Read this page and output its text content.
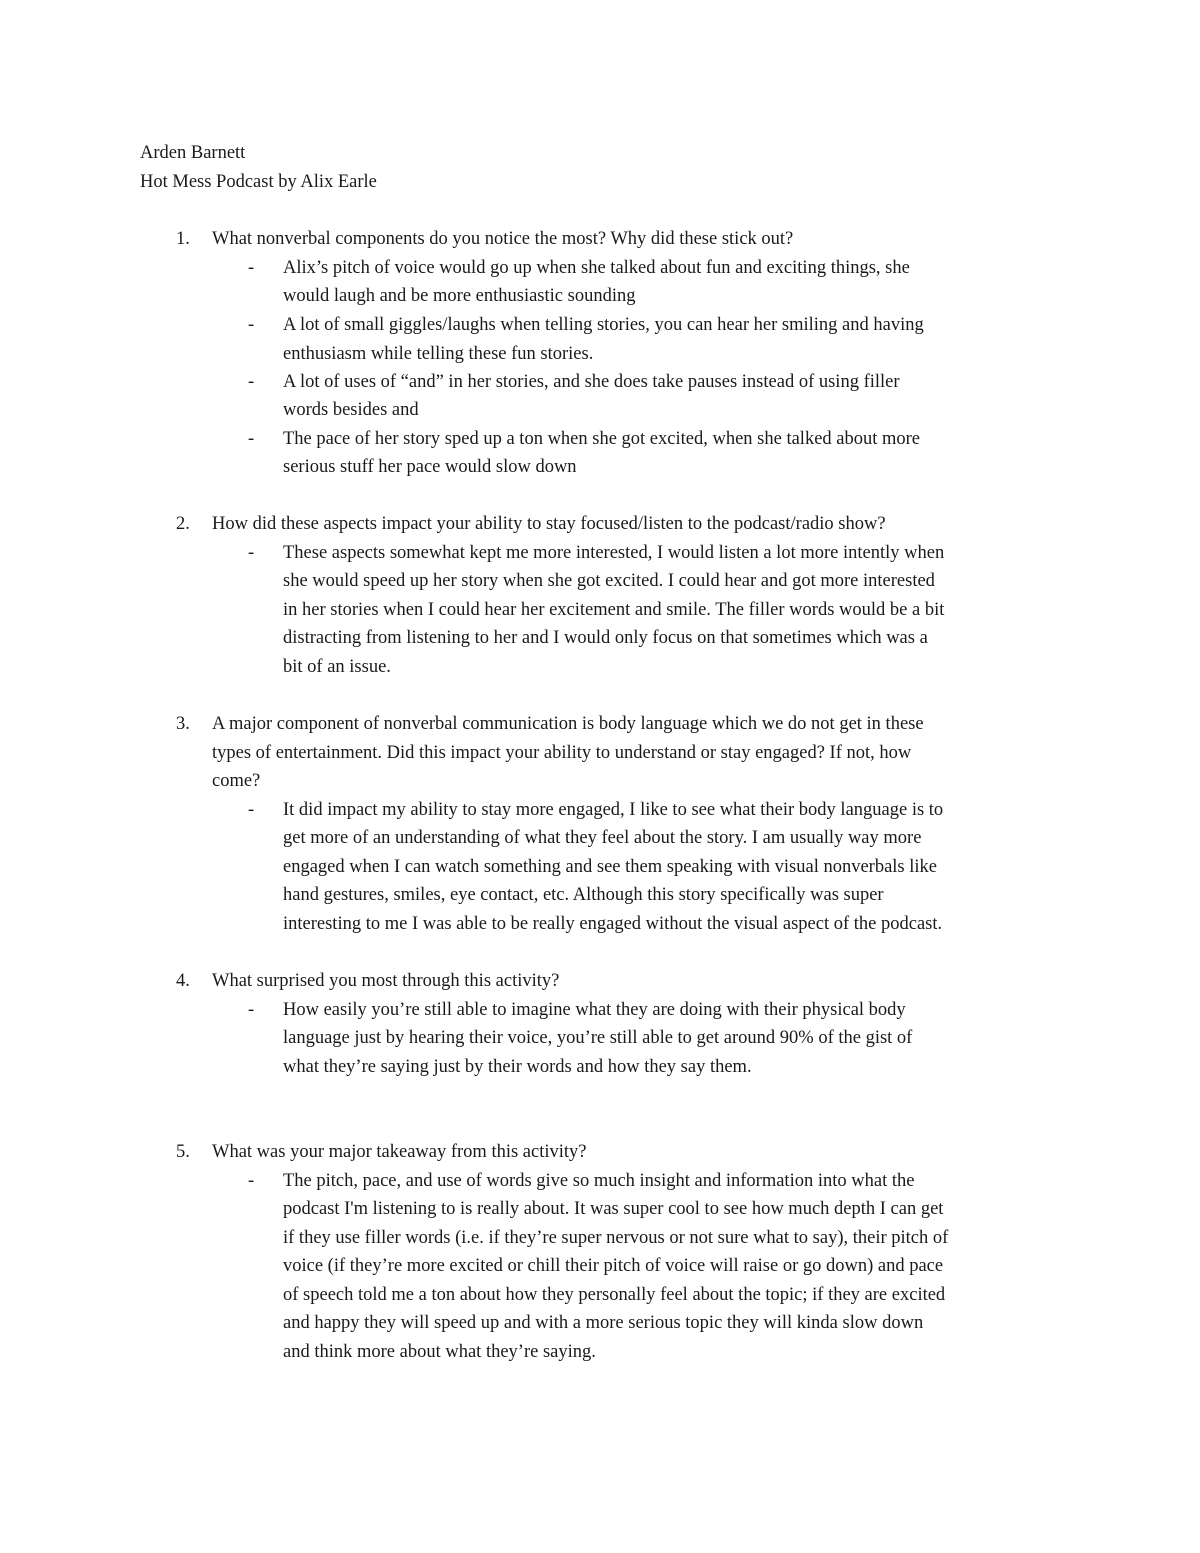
Arden Barnett
Hot Mess Podcast by Alix Earle
1. What nonverbal components do you notice the most? Why did these stick out?
- Alix’s pitch of voice would go up when she talked about fun and exciting things, she
would laugh and be more enthusiastic sounding
- A lot of small giggles/laughs when telling stories, you can hear her smiling and having
enthusiasm while telling these fun stories.
- A lot of uses of “and” in her stories, and she does take pauses instead of using filler
words besides and
- The pace of her story sped up a ton when she got excited, when she talked about more
serious stuff her pace would slow down
2. How did these aspects impact your ability to stay focused/listen to the podcast/radio show?
- These aspects somewhat kept me more interested, I would listen a lot more intently when
she would speed up her story when she got excited. I could hear and got more interested
in her stories when I could hear her excitement and smile. The filler words would be a bit
distracting from listening to her and I would only focus on that sometimes which was a
bit of an issue.
3. A major component of nonverbal communication is body language which we do not get in these
types of entertainment. Did this impact your ability to understand or stay engaged? If not, how
come?
- It did impact my ability to stay more engaged, I like to see what their body language is to
get more of an understanding of what they feel about the story. I am usually way more
engaged when I can watch something and see them speaking with visual nonverbals like
hand gestures, smiles, eye contact, etc. Although this story specifically was super
interesting to me I was able to be really engaged without the visual aspect of the podcast.
4. What surprised you most through this activity?
- How easily you’re still able to imagine what they are doing with their physical body
language just by hearing their voice, you’re still able to get around 90% of the gist of
what they’re saying just by their words and how they say them.
5. What was your major takeaway from this activity?
- The pitch, pace, and use of words give so much insight and information into what the
podcast I'm listening to is really about. It was super cool to see how much depth I can get
if they use filler words (i.e. if they’re super nervous or not sure what to say), their pitch of
voice (if they’re more excited or chill their pitch of voice will raise or go down) and pace
of speech told me a ton about how they personally feel about the topic; if they are excited
and happy they will speed up and with a more serious topic they will kinda slow down
and think more about what they’re saying.
